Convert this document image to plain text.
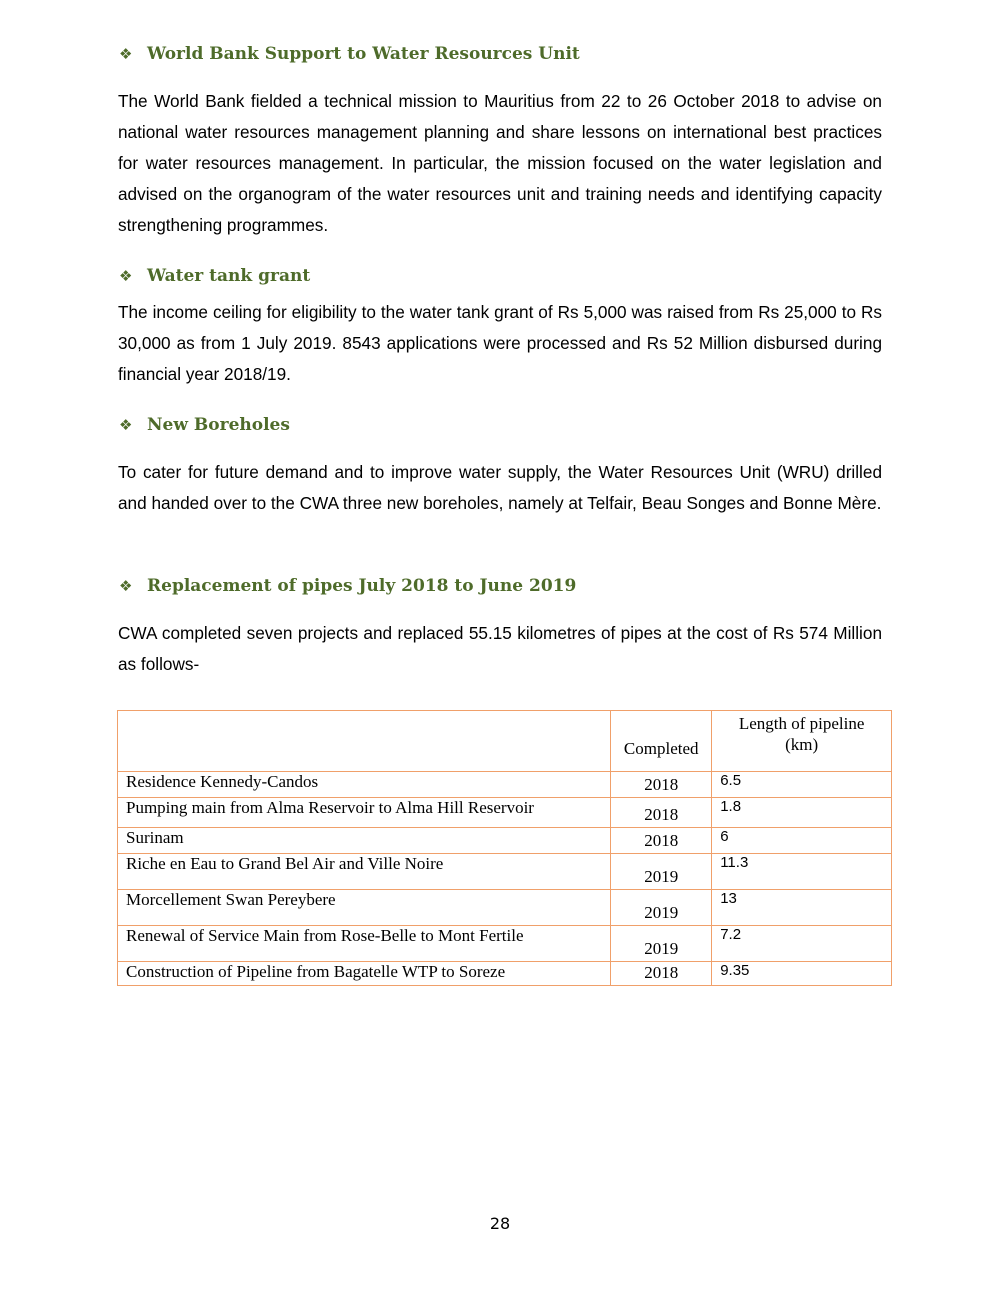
❖ World Bank Support to Water Resources Unit
The World Bank fielded a technical mission to Mauritius from 22 to 26 October 2018 to advise on national water resources management planning and share lessons on international best practices for water resources management. In particular, the mission focused on the water legislation and advised on the organogram of the water resources unit and training needs and identifying capacity strengthening programmes.
❖ Water tank grant
The income ceiling for eligibility to the water tank grant of Rs 5,000 was raised from Rs 25,000 to Rs 30,000 as from 1 July 2019. 8543 applications were processed and Rs 52 Million disbursed during financial year 2018/19.
❖ New Boreholes
To cater for future demand and to improve water supply, the Water Resources Unit (WRU) drilled and handed over to the CWA three new boreholes, namely at Telfair, Beau Songes and Bonne Mère.
❖ Replacement of pipes July 2018 to June 2019
CWA completed seven projects and replaced 55.15 kilometres of pipes at the cost of Rs 574 Million as follows-
	Completed	Length of pipeline (km)
Residence Kennedy-Candos	2018	6.5
Pumping main from Alma Reservoir to Alma Hill Reservoir	2018	1.8
Surinam	2018	6
Riche en Eau to Grand Bel Air and Ville Noire	2019	11.3
Morcellement Swan Pereybere	2019	13
Renewal of Service Main from Rose-Belle to Mont Fertile	2019	7.2
Construction of Pipeline from Bagatelle WTP to Soreze	2018	9.35
28
